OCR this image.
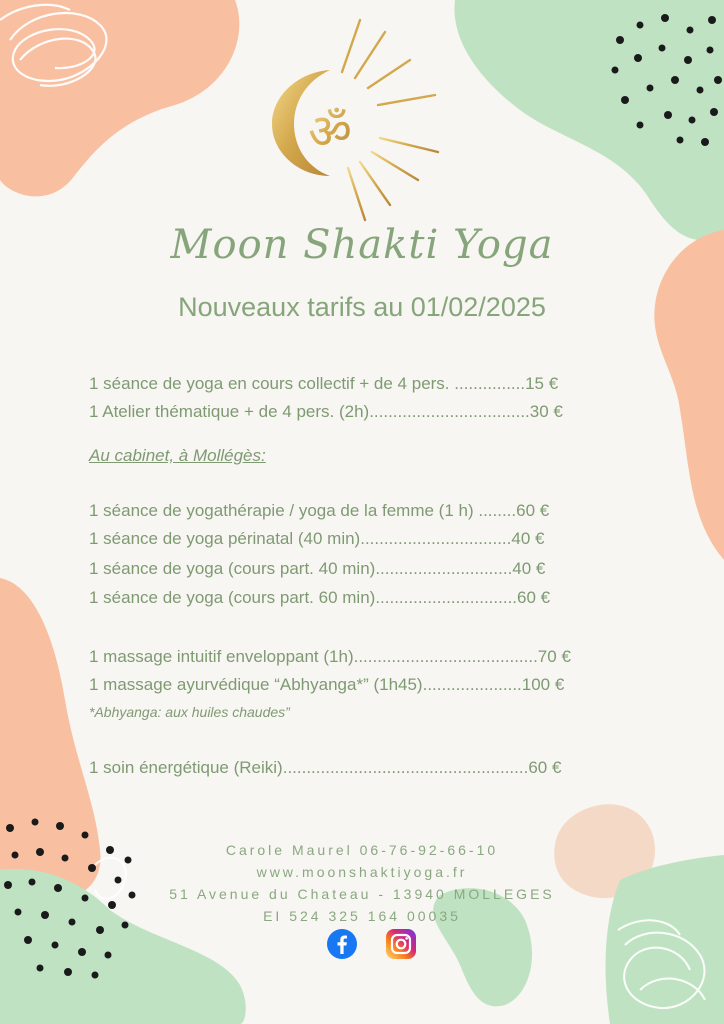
ॐ
Moon Shakti Yoga
Nouveaux tarifs au 01/02/2025
1 séance de yoga en cours collectif + de 4 pers. ...............15 €
1 Atelier thématique + de 4 pers. (2h)..................................30 €
Au cabinet, à Mollégès:
1 séance de yogathérapie / yoga de la femme (1 h) ........60 €
1 séance de yoga périnatal (40 min)................................40 €
1 séance de yoga (cours part. 40 min).............................40 €
1 séance de yoga (cours part. 60 min)..............................60 €
1 massage intuitif enveloppant (1h).......................................70 €
1 massage ayurvédique “Abhyanga*” (1h45).....................100 €
*Abhyanga: aux huiles chaudes”
1 soin énergétique (Reiki)....................................................60 €
Carole Maurel 06-76-92-66-10
www.moonshaktiyoga.fr
51 Avenue du Chateau - 13940 MOLLEGES
EI 524 325 164 00035
